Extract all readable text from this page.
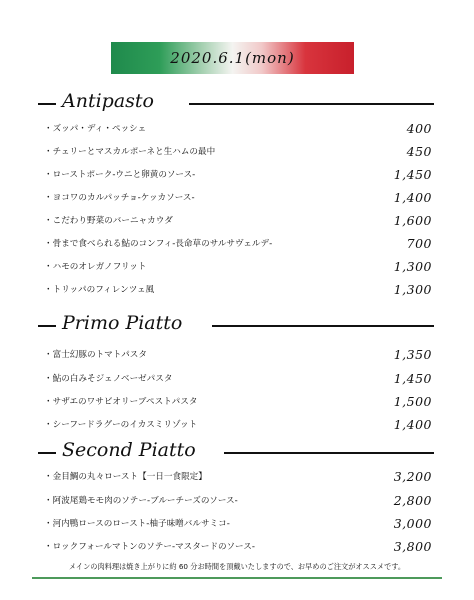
2020.6.1(mon)
Antipasto
・ ズッパ・ディ・ペッシェ	400
・ チェリーとマスカルポーネと生ハムの最中	450
・ ローストポーク‐ウニと卵黄のソース‐	1,450
・ ヨコワのカルパッチョ‐ケッカソース‐	1,400
・ こだわり野菜のバーニャカウダ	1,600
・ 骨まで食べられる鮎のコンフィ‐長命草のサルサヴェルデ‐	700
・ ハモのオレガノフリット	1,300
・ トリッパのフィレンツェ風	1,300
Primo Piatto
・ 富士幻豚のトマトパスタ	1,350
・ 鮎の白みそジェノベーゼパスタ	1,450
・ サザエのワサビオリーブペストパスタ	1,500
・ シーフードラグーのイカスミリゾット	1,400
Second Piatto
・ 金目鯛の丸々ロースト【一日一食限定】	3,200
・ 阿波尾鶏モモ肉のソテー‐ブルーチーズのソース‐	2,800
・ 河内鴨ロースのロースト‐柚子味噌バルサミコ‐	3,000
・ ロックフォールマトンのソテー‐マスタードのソース‐	3,800
メインの肉料理は焼き上がりに約 60 分お時間を頂戴いたしますので、お早めのご注文がオススメです。
